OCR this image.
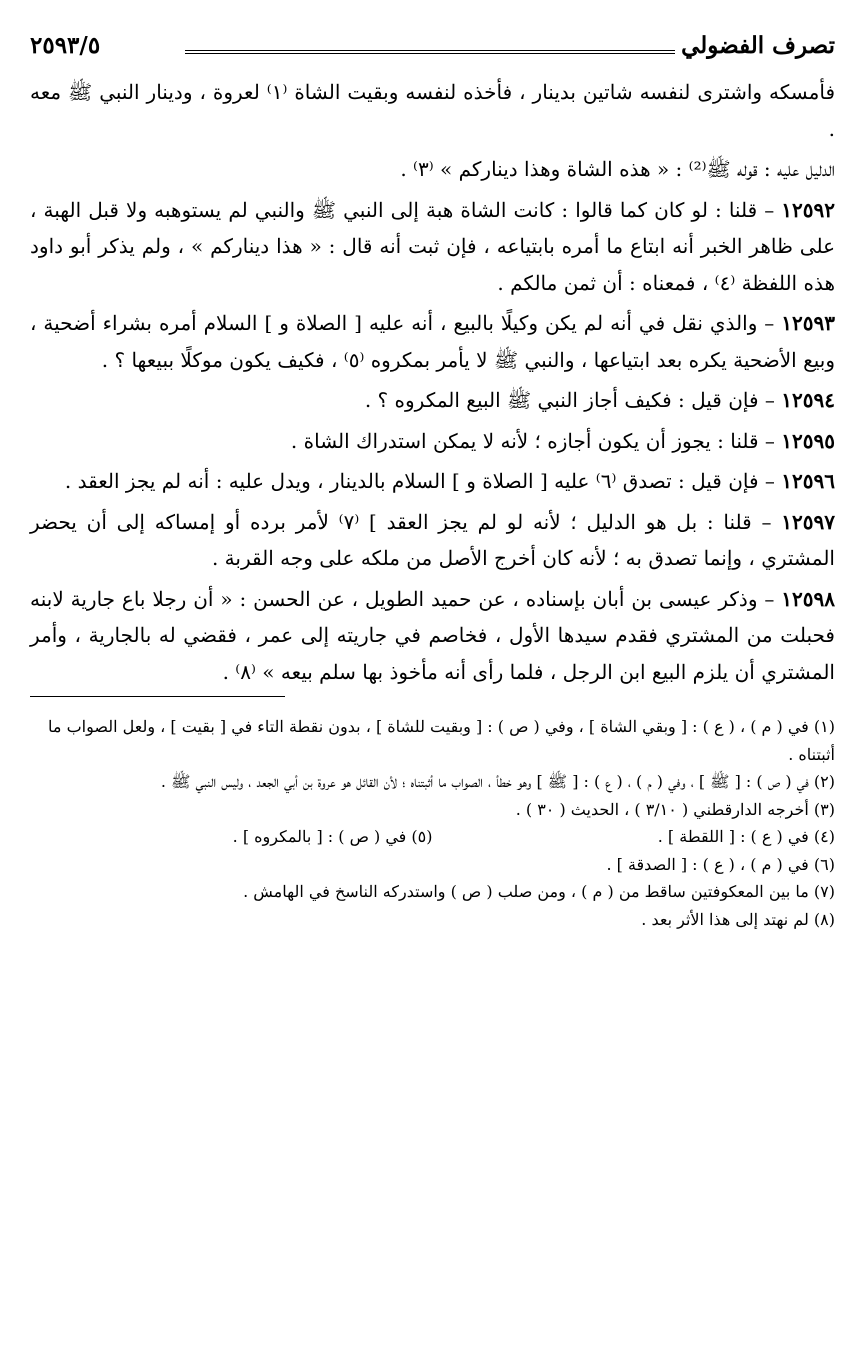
تصرف الفضولي
٢٥٩٣/٥

فأمسكه واشترى لنفسه شاتين بدينار ، فأخذه لنفسه وبقيت الشاة ⁽١⁾ لعروة ، ودينار النبي ﷺ معه .

الدليل عليه : قوله ﷺ⁽²⁾ : « هذه الشاة وهذا ديناركم » ⁽٣⁾ .

١٢٥٩٢ – قلنا : لو كان كما قالوا : كانت الشاة هبة إلى النبي ﷺ والنبي لم يستوهبه ولا قبل الهبة ، على ظاهر الخبر أنه ابتاع ما أمره بابتياعه ، فإن ثبت أنه قال : « هذا ديناركم » ، ولم يذكر أبو داود هذه اللفظة ⁽٤⁾ ، فمعناه : أن ثمن مالكم .

١٢٥٩٣ – والذي نقل في أنه لم يكن وكيلًا بالبيع ، أنه عليه [ الصلاة و ] السلام أمره بشراء أضحية ، وبيع الأضحية يكره بعد ابتياعها ، والنبي ﷺ لا يأمر بمكروه ⁽٥⁾ ، فكيف يكون موكلًا ببيعها ؟ .

١٢٥٩٤ – فإن قيل : فكيف أجاز النبي ﷺ البيع المكروه ؟ .

١٢٥٩٥ – قلنا : يجوز أن يكون أجازه ؛ لأنه لا يمكن استدراك الشاة .

١٢٥٩٦ – فإن قيل : تصدق ⁽٦⁾ عليه [ الصلاة و ] السلام بالدينار ، ويدل عليه : أنه لم يجز العقد .

١٢٥٩٧ – قلنا : بل هو الدليل ؛ لأنه لو لم يجز العقد ] ⁽٧⁾ لأمر برده أو إمساكه إلى أن يحضر المشتري ، وإنما تصدق به ؛ لأنه كان أخرج الأصل من ملكه على وجه القربة .

١٢٥٩٨ – وذكر عيسى بن أبان بإسناده ، عن حميد الطويل ، عن الحسن : « أن رجلا باع جارية لابنه فحبلت من المشتري فقدم سيدها الأول ، فخاصم في جاريته إلى عمر ، فقضي له بالجارية ، وأمر المشتري أن يلزم البيع ابن الرجل ، فلما رأى أنه مأخوذ بها سلم بيعه » ⁽٨⁾ .

(١) في ( م ) ، ( ع ) : [ وبقي الشاة ] ، وفي ( ص ) : [ وبقيت للشاة ] ، بدون نقطة التاء في [ بقيت ] ، ولعل الصواب ما أثبتناه .

(٢) في ( ص ) : [ ﷺ ] ، وفي ( م ) ، ( ع ) : [ ﷺ ] وهو خطأ ، الصواب ما أثبتناه ؛ لأن القائل هو عروة بن أبي الجعد ، وليس النبي ﷺ .

(٣) أخرجه الدارقطني ( ٣/١٠ ) ، الحديث ( ٣٠ ) .

(٤) في ( ع ) : [ اللقطة ] .
(٥) في ( ص ) : [ بالمكروه ] .

(٦) في ( م ) ، ( ع ) : [ الصدقة ] .

(٧) ما بين المعكوفتين ساقط من ( م ) ، ومن صلب ( ص ) واستدركه الناسخ في الهامش .

(٨) لم نهتد إلى هذا الأثر بعد .
